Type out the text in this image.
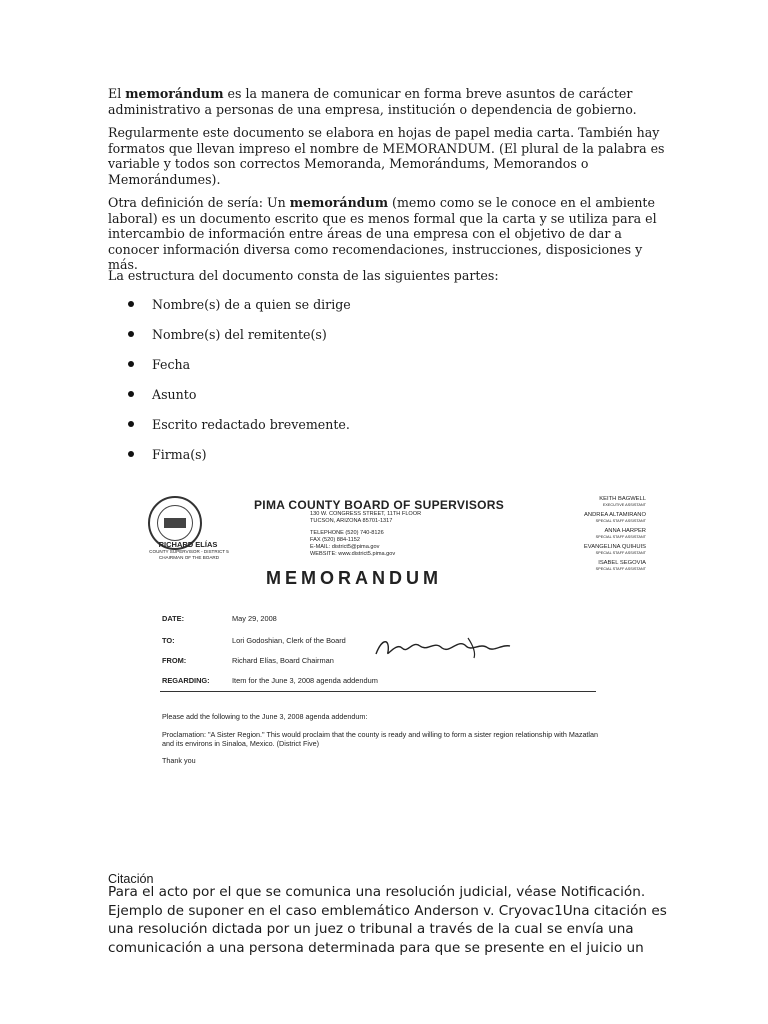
El memorándum es la manera de comunicar en forma breve asuntos de carácter administrativo a personas de una empresa, institución o dependencia de gobierno.

Regularmente este documento se elabora en hojas de papel media carta. También hay formatos que llevan impreso el nombre de MEMORANDUM. (El plural de la palabra es variable y todos son correctos Memoranda, Memorándums, Memorandos o Memorándumes).

Otra definición de sería: Un memorándum (memo como se le conoce en el ambiente laboral) es un documento escrito que es menos formal que la carta y se utiliza para el intercambio de información entre áreas de una empresa con el objetivo de dar a conocer información diversa como recomendaciones, instrucciones, disposiciones y más.

La estructura del documento consta de las siguientes partes:

Nombre(s) de a quien se dirige
Nombre(s) del remitente(s)
Fecha
Asunto
Escrito redactado brevemente.
Firma(s)
RICHARD ELÍAS
COUNTY SUPERVISOR - DISTRICT 5
CHAIRMAN OF THE BOARD
PIMA COUNTY BOARD OF SUPERVISORS
130 W. CONGRESS STREET, 11TH FLOOR
TUCSON, ARIZONA 85701-1317
TELEPHONE (520) 740-8126
FAX (520) 884-1152
E-MAIL: district5@pima.gov
WEBSITE: www.district5.pima.gov
KEITH BAGWELL
EXECUTIVE ASSISTANT
ANDREA ALTAMIRANO
SPECIAL STAFF ASSISTANT
ANNA HARPER
SPECIAL STAFF ASSISTANT
EVANGELINA QUIHUIS
SPECIAL STAFF ASSISTANT
ISABEL SEGOVIA
SPECIAL STAFF ASSISTANT
MEMORANDUM
DATE:	May 29, 2008
TO:	Lori Godoshian, Clerk of the Board
FROM:	Richard Elías, Board Chairman
REGARDING:	Item for the June 3, 2008 agenda addendum
Please add the following to the June 3, 2008 agenda addendum:
Proclamation: "A Sister Region." This would proclaim that the county is ready and willing to form a sister region relationship with Mazatlan and its environs in Sinaloa, Mexico. (District Five)
Thank you
Citación

Para el acto por el que se comunica una resolución judicial, véase Notificación. Ejemplo de suponer en el caso emblemático Anderson v. Cryovac1Una citación es una resolución dictada por un juez o tribunal a través de la cual se envía una comunicación a una persona determinada para que se presente en el juicio un
